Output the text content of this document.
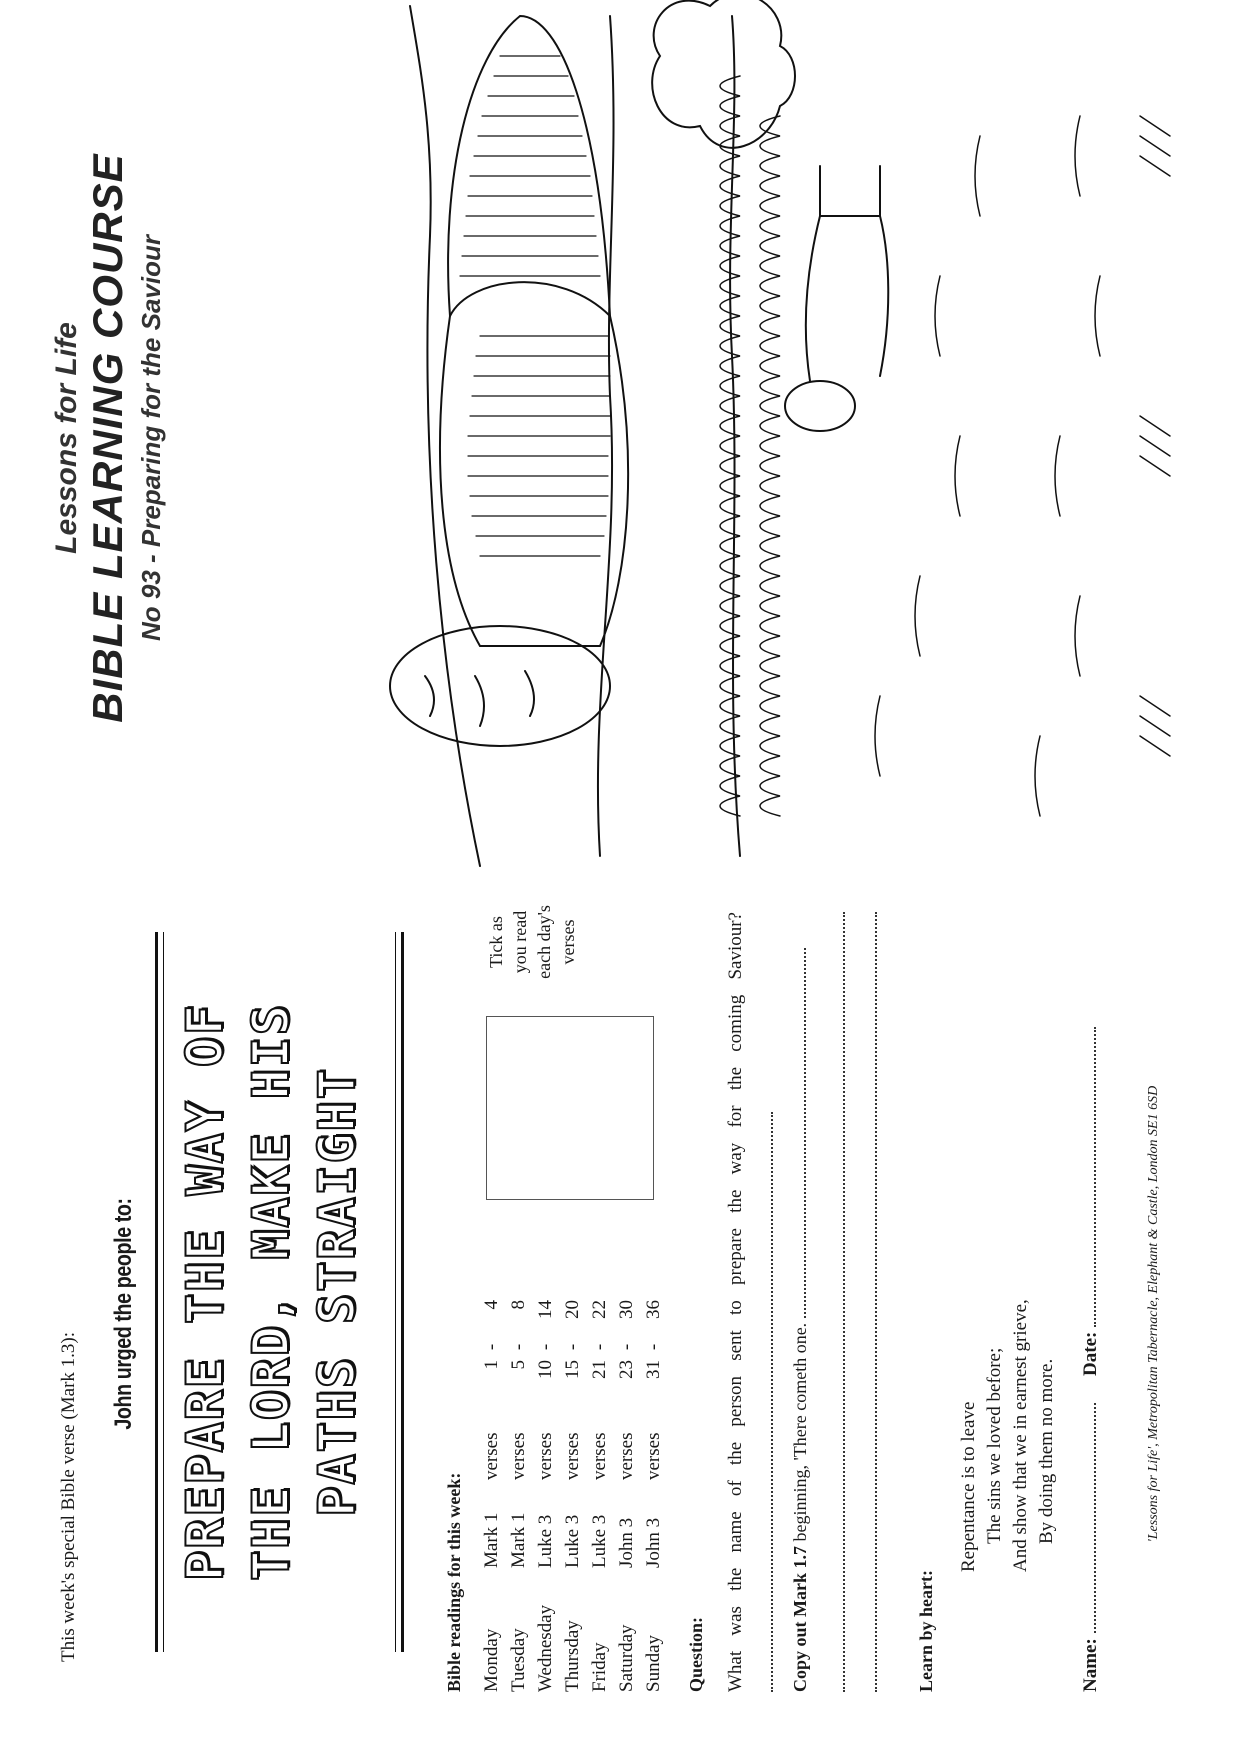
This week's special Bible verse (Mark 1.3):
John urged the people to: PREPARE THE WAY OF THE LORD, MAKE HIS PATHS STRAIGHT
Bible readings for this week: Monday
Mark 1
verses
1
-
4
Tuesday
Mark 1
verses
5
-
8
Wednesday
Luke 3
verses
10
-
14
Thursday
Luke 3
verses
15
-
20
Friday
Luke 3
verses
21
-
22
Saturday
John 3
verses
23
-
30
Sunday
John 3
verses
31
-
36
Tick as you read each day's verses
Question: What was the name of the person sent to prepare the way for the coming Saviour?	Copy out Mark 1.7 beginning, 'There cometh one.
Learn by heart:
Repentance is to leave The sins we loved before; And show that we in earnest grieve, By doing them no more.
Name:   Date:	'Lessons for Life', Metropolitan Tabernacle, Elephant & Castle, London SE1 6SD
Lessons for Life BIBLE LEARNING COURSE No 93 - Preparing for the Saviour
